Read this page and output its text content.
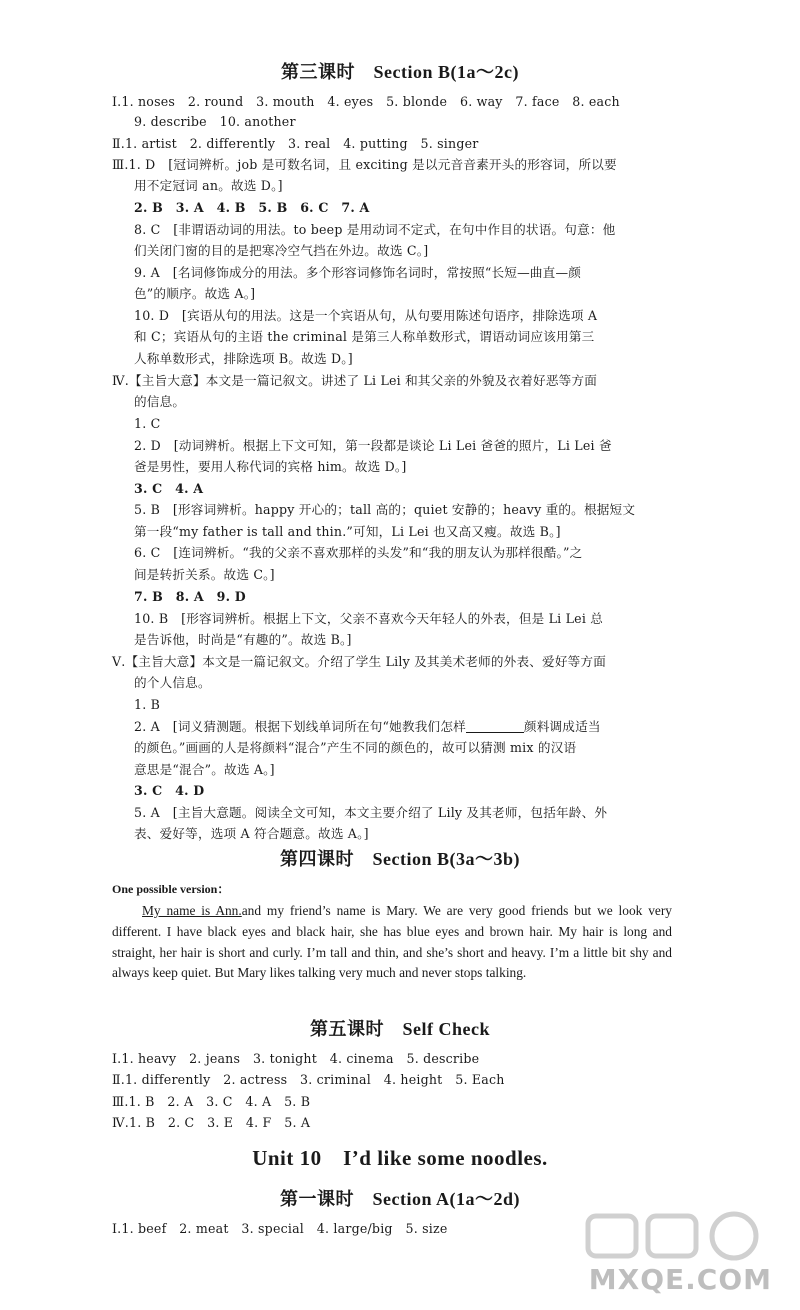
第三课时　Section B(1a～2c)
Ⅰ.1. noses　2. round　3. mouth　4. eyes　5. blonde　6. way　7. face　8. each
9. describe　10. another
Ⅱ.1. artist　2. differently　3. real　4. putting　5. singer
Ⅲ.1. D　[冠词辨析。job 是可数名词，且 exciting 是以元音音素开头的形容词，所以要
用不定冠词 an。故选 D。]
2. B　3. A　4. B　5. B　6. C　7. A
8. C　[非谓语动词的用法。to beep 是用动词不定式，在句中作目的状语。句意：他
们关闭门窗的目的是把寒冷空气挡在外边。故选 C。]
9. A　[名词修饰成分的用法。多个形容词修饰名词时，常按照“长短—曲直—颜
色”的顺序。故选 A。]
10. D　[宾语从句的用法。这是一个宾语从句，从句要用陈述句语序，排除选项 A
和 C；宾语从句的主语 the criminal 是第三人称单数形式，谓语动词应该用第三
人称单数形式，排除选项 B。故选 D。]
Ⅳ.【主旨大意】本文是一篇记叙文。讲述了 Li Lei 和其父亲的外貌及衣着好恶等方面
的信息。
1. C
2. D　[动词辨析。根据上下文可知，第一段都是谈论 Li Lei 爸爸的照片，Li Lei 爸
爸是男性，要用人称代词的宾格 him。故选 D。]
3. C　4. A
5. B　[形容词辨析。happy 开心的；tall 高的；quiet 安静的；heavy 重的。根据短文
第一段“my father is tall and thin.”可知，Li Lei 也又高又瘦。故选 B。]
6. C　[连词辨析。“我的父亲不喜欢那样的头发”和“我的朋友认为那样很酷。”之
间是转折关系。故选 C。]
7. B　8. A　9. D
10. B　[形容词辨析。根据上下文，父亲不喜欢今天年轻人的外表，但是 Li Lei 总
是告诉他，时尚是“有趣的”。故选 B。]
Ⅴ.【主旨大意】本文是一篇记叙文。介绍了学生 Lily 及其美术老师的外表、爱好等方面
的个人信息。
1. B
2. A　[词义猜测题。根据下划线单词所在句“她教我们怎样	颜料调成适当
的颜色。”画画的人是将颜料“混合”产生不同的颜色的，故可以猜测 mix 的汉语
意思是“混合”。故选 A。]
3. C　4. D
5. A　[主旨大意题。阅读全文可知，本文主要介绍了 Lily 及其老师，包括年龄、外
表、爱好等，选项 A 符合题意。故选 A。]
第四课时　Section B(3a～3b)
One possible version：
My name is Ann.and my friend’s name is Mary. We are very good friends but we look very different. I have black eyes and black hair, she has blue eyes and brown hair. My hair is long and straight, her hair is short and curly. I’m tall and thin, and she’s short and heavy. I’m a little bit shy and always keep quiet. But Mary likes talking very much and never stops talking.
第五课时　Self Check
Ⅰ.1. heavy　2. jeans　3. tonight　4. cinema　5. describe
Ⅱ.1. differently　2. actress　3. criminal　4. height　5. Each
Ⅲ.1. B　2. A　3. C　4. A　5. B
Ⅳ.1. B　2. C　3. E　4. F　5. A
Unit 10　I’d like some noodles.
第一课时　Section A(1a～2d)
Ⅰ.1. beef　2. meat　3. special　4. large/big　5. size
MXQE.COM
